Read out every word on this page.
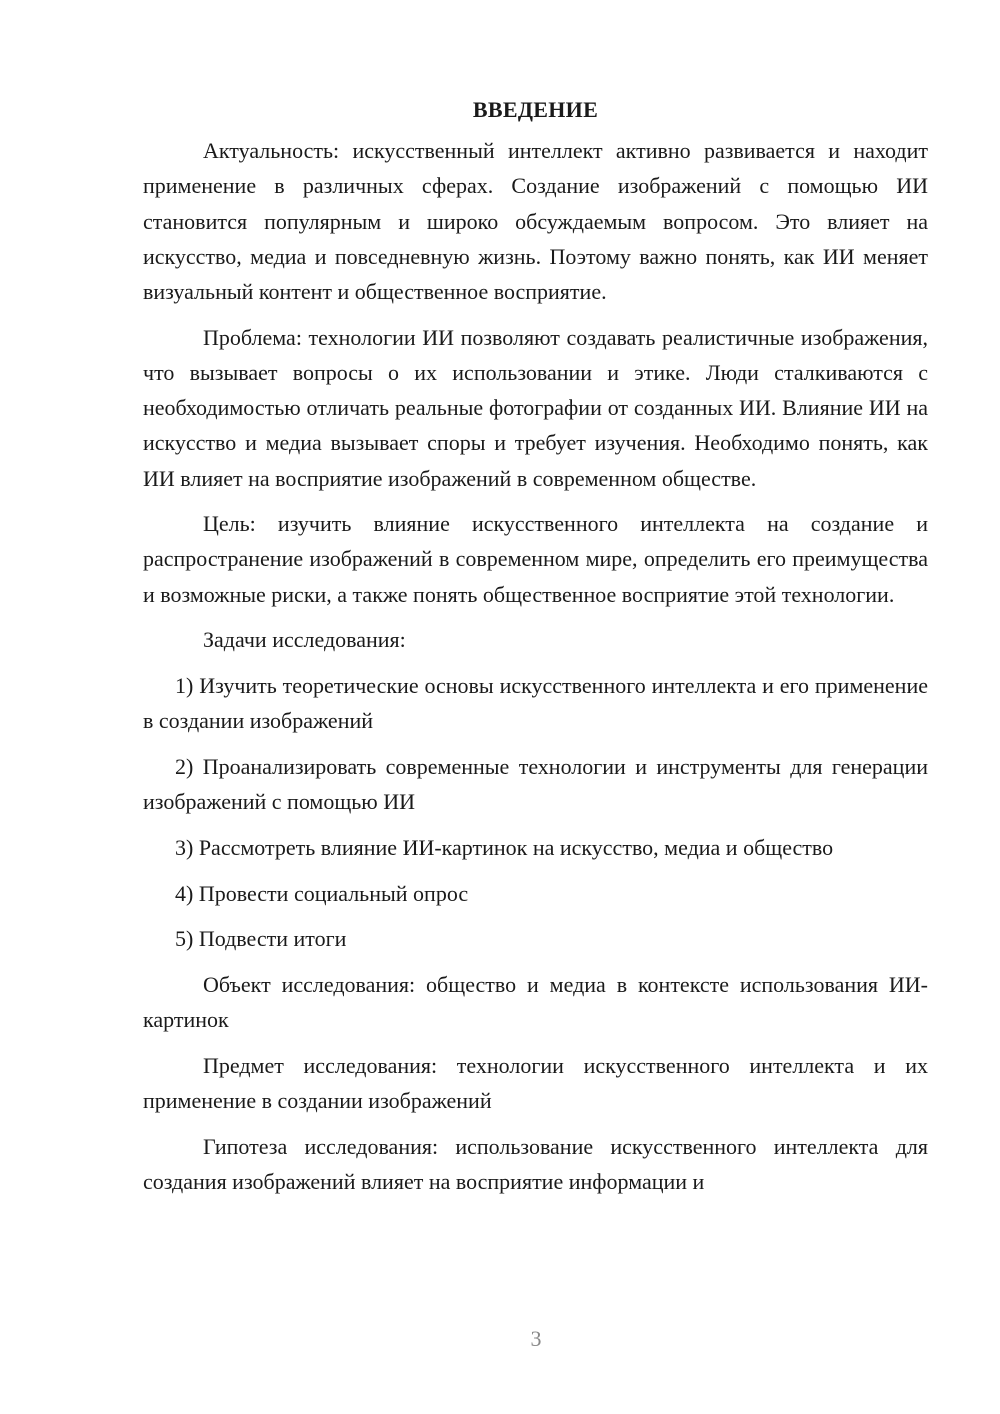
ВВЕДЕНИЕ

Актуальность: искусственный интеллект активно развивается и находит применение в различных сферах. Создание изображений с помощью ИИ становится популярным и широко обсуждаемым вопросом. Это влияет на искусство, медиа и повседневную жизнь. Поэтому важно понять, как ИИ меняет визуальный контент и общественное восприятие.

Проблема: технологии ИИ позволяют создавать реалистичные изображения, что вызывает вопросы о их использовании и этике. Люди сталкиваются с необходимостью отличать реальные фотографии от созданных ИИ. Влияние ИИ на искусство и медиа вызывает споры и требует изучения. Необходимо понять, как ИИ влияет на восприятие изображений в современном обществе.

Цель: изучить влияние искусственного интеллекта на создание и распространение изображений в современном мире, определить его преимущества и возможные риски, а также понять общественное восприятие этой технологии.

Задачи исследования:

1) Изучить теоретические основы искусственного интеллекта и его применение в создании изображений

2) Проанализировать современные технологии и инструменты для генерации изображений с помощью ИИ

3) Рассмотреть влияние ИИ-картинок на искусство, медиа и общество

4) Провести социальный опрос

5) Подвести итоги

Объект исследования: общество и медиа в контексте использования ИИ-картинок

Предмет исследования: технологии искусственного интеллекта и их применение в создании изображений

Гипотеза исследования: использование искусственного интеллекта для создания изображений влияет на восприятие информации и

3
